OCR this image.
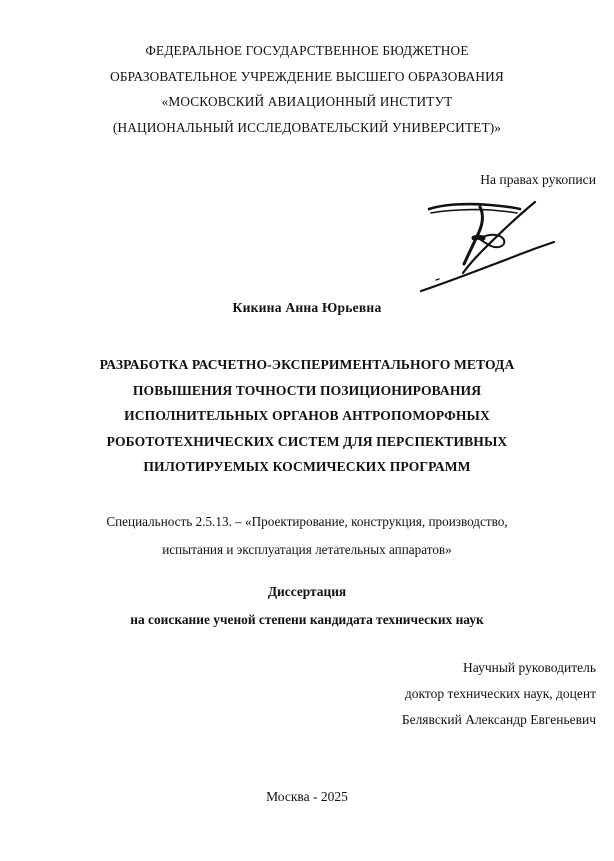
ФЕДЕРАЛЬНОЕ ГОСУДАРСТВЕННОЕ БЮДЖЕТНОЕ
ОБРАЗОВАТЕЛЬНОЕ УЧРЕЖДЕНИЕ ВЫСШЕГО ОБРАЗОВАНИЯ
«МОСКОВСКИЙ АВИАЦИОННЫЙ ИНСТИТУТ
(НАЦИОНАЛЬНЫЙ ИССЛЕДОВАТЕЛЬСКИЙ УНИВЕРСИТЕТ)»
На правах рукописи
Кикина Анна Юрьевна
РАЗРАБОТКА РАСЧЕТНО-ЭКСПЕРИМЕНТАЛЬНОГО МЕТОДА
ПОВЫШЕНИЯ ТОЧНОСТИ ПОЗИЦИОНИРОВАНИЯ
ИСПОЛНИТЕЛЬНЫХ ОРГАНОВ АНТРОПОМОРФНЫХ
РОБОТОТЕХНИЧЕСКИХ СИСТЕМ ДЛЯ ПЕРСПЕКТИВНЫХ
ПИЛОТИРУЕМЫХ КОСМИЧЕСКИХ ПРОГРАММ
Специальность 2.5.13. – «Проектирование, конструкция, производство,
испытания и эксплуатация летательных аппаратов»
Диссертация
на соискание ученой степени кандидата технических наук
Научный руководитель
доктор технических наук, доцент
Белявский Александр Евгеньевич
Москва - 2025
